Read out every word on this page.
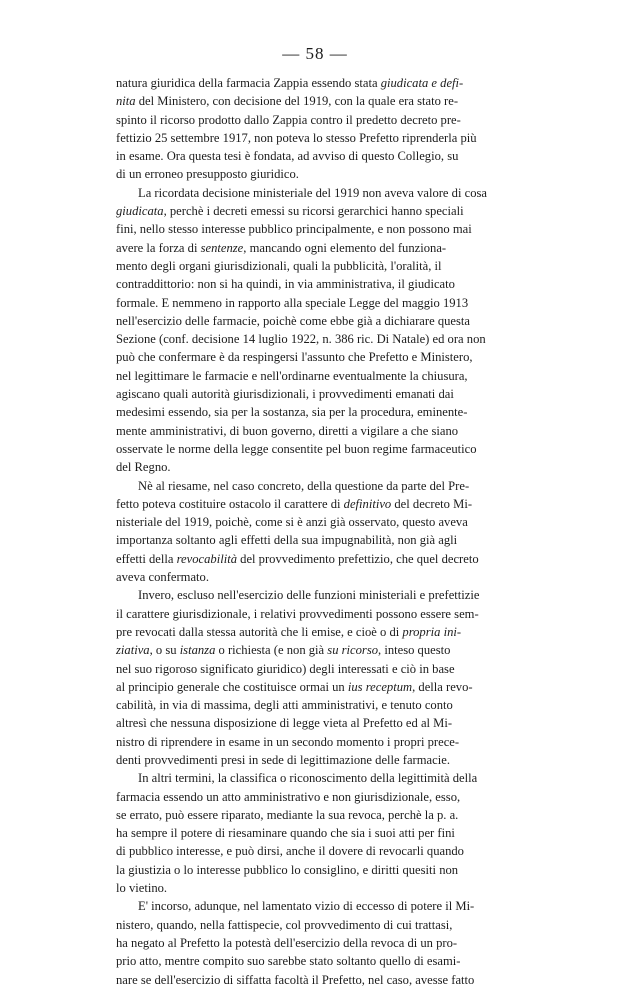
— 58 —

natura giuridica della farmacia Zappia essendo stata giudicata e defi-
nita del Ministero, con decisione del 1919, con la quale era stato re-
spinto il ricorso prodotto dallo Zappia contro il predetto decreto pre-
fettizio 25 settembre 1917, non poteva lo stesso Prefetto riprenderla più
in esame. Ora questa tesi è fondata, ad avviso di questo Collegio, su
di un erroneo presupposto giuridico.

La ricordata decisione ministeriale del 1919 non aveva valore di cosa
giudicata, perchè i decreti emessi su ricorsi gerarchici hanno speciali
fini, nello stesso interesse pubblico principalmente, e non possono mai
avere la forza di sentenze, mancando ogni elemento del funziona-
mento degli organi giurisdizionali, quali la pubblicità, l'oralità, il
contraddittorio: non si ha quindi, in via amministrativa, il giudicato
formale. E nemmeno in rapporto alla speciale Legge del maggio 1913
nell'esercizio delle farmacie, poichè come ebbe già a dichiarare questa
Sezione (conf. decisione 14 luglio 1922, n. 386 ric. Di Natale) ed ora non
può che confermare è da respingersi l'assunto che Prefetto e Ministero,
nel legittimare le farmacie e nell'ordinarne eventualmente la chiusura,
agiscano quali autorità giurisdizionali, i provvedimenti emanati dai
medesimi essendo, sia per la sostanza, sia per la procedura, eminente-
mente amministrativi, di buon governo, diretti a vigilare a che siano
osservate le norme della legge consentite pel buon regime farmaceutico
del Regno.

Nè al riesame, nel caso concreto, della questione da parte del Pre-
fetto poteva costituire ostacolo il carattere di definitivo del decreto Mi-
nisteriale del 1919, poichè, come si è anzi già osservato, questo aveva
importanza soltanto agli effetti della sua impugnabilità, non già agli
effetti della revocabilità del provvedimento prefettizio, che quel decreto
aveva confermato.

Invero, escluso nell'esercizio delle funzioni ministeriali e prefettizie
il carattere giurisdizionale, i relativi provvedimenti possono essere sem-
pre revocati dalla stessa autorità che li emise, e cioè o di propria ini-
ziativa, o su istanza o richiesta (e non già su ricorso, inteso questo
nel suo rigoroso significato giuridico) degli interessati e ciò in base
al principio generale che costituisce ormai un ius receptum, della revo-
cabilità, in via di massima, degli atti amministrativi, e tenuto conto
altresì che nessuna disposizione di legge vieta al Prefetto ed al Mi-
nistro di riprendere in esame in un secondo momento i propri prece-
denti provvedimenti presi in sede di legittimazione delle farmacie.

In altri termini, la classifica o riconoscimento della legittimità della
farmacia essendo un atto amministrativo e non giurisdizionale, esso,
se errato, può essere riparato, mediante la sua revoca, perchè la p. a.
ha sempre il potere di riesaminare quando che sia i suoi atti per fini
di pubblico interesse, e può dirsi, anche il dovere di revocarli quando
la giustizia o lo interesse pubblico lo consiglino, e diritti quesiti non
lo vietino.

E' incorso, adunque, nel lamentato vizio di eccesso di potere il Mi-
nistero, quando, nella fattispecie, col provvedimento di cui trattasi,
ha negato al Prefetto la potestà dell'esercizio della revoca di un pro-
prio atto, mentre compito suo sarebbe stato soltanto quello di esami-
nare se dell'esercizio di siffatta facoltà il Prefetto, nel caso, avesse fatto
